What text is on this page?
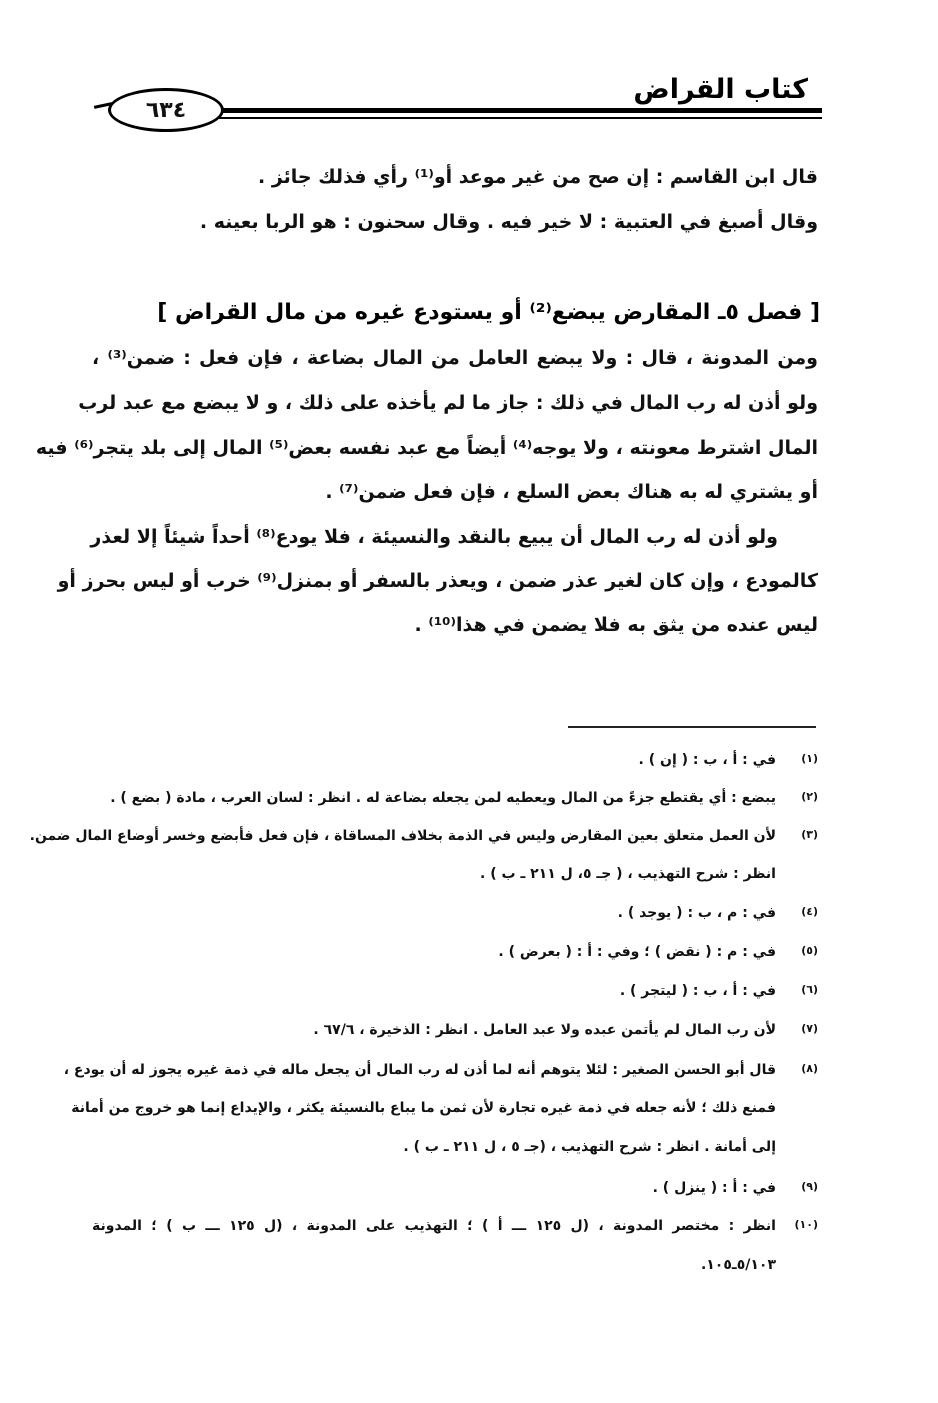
٦٣٤
كتاب القراض
قال ابن القاسم : إن صح من غير موعد أو⁽¹⁾ رأي فذلك جائز .
وقال أصبغ في العتبية : لا خير فيه . وقال سحنون : هو الربا بعينه .
[ فصل ٥ـ المقارض يبضع⁽²⁾ أو يستودع غيره من مال القراض ]
ومن المدونة ، قال : ولا يبضع العامل من المال بضاعة ، فإن فعل : ضمن⁽³⁾ ،
ولو أذن له رب المال في ذلك : جاز ما لم يأخذه على ذلك ، و لا يبضع مع عبد لرب
المال اشترط معونته ، ولا يوجه⁽⁴⁾ أيضاً مع عبد نفسه بعض⁽⁵⁾ المال إلى بلد يتجر⁽⁶⁾ فيه
أو يشتري له به هناك بعض السلع ، فإن فعل ضمن⁽⁷⁾ .
ولو أذن له رب المال أن يبيع بالنقد والنسيئة ، فلا يودع⁽⁸⁾ أحداً شيئاً إلا لعذر
كالمودع ، وإن كان لغير عذر ضمن ، ويعذر بالسفر أو بمنزل⁽⁹⁾ خرب أو ليس بحرز أو
ليس عنده من يثق به فلا يضمن في هذا⁽¹⁰⁾ .
(١)
في : أ ، ب : ( إن ) .
(٢)
يبضع : أي يقتطع جزءً من المال ويعطيه لمن يجعله بضاعة له . انظر : لسان العرب ، مادة ( بضع ) .
(٣)
لأن العمل متعلق بعين المقارض وليس في الذمة بخلاف المساقاة ، فإن فعل فأبضع وخسر أوضاع المال ضمن.
انظر : شرح التهذيب ، ( جـ ٥، ل ٢١١ ـ ب ) .
(٤)
في : م ، ب : ( يوجد ) .
(٥)
في : م : ( نقض ) ؛ وفي : أ : ( بعرض ) .
(٦)
في : أ ، ب : ( ليتجر ) .
(٧)
لأن رب المال لم يأتمن عبده ولا عبد العامل . انظر : الذخيرة ، ٦٧/٦ .
(٨)
قال أبو الحسن الصغير : لئلا يتوهم أنه لما أذن له رب المال أن يجعل ماله في ذمة غيره يجوز له أن يودع ،
فمنع ذلك ؛ لأنه جعله في ذمة غيره تجارة لأن ثمن ما يباع بالنسيئة يكثر ، والإيداع إنما هو خروج من أمانة
إلى أمانة . انظر : شرح التهذيب ، (جـ ٥ ، ل ٢١١ ـ ب ) .
(٩)
في : أ : ( ينزل ) .
(١٠)
انظر : مختصر المدونة ، (ل ١٢٥ ـــ أ ) ؛ التهذيب على المدونة ، (ل ١٢٥ ـــ ب ) ؛ المدونة
٥/١٠٣ـ١٠٥.
